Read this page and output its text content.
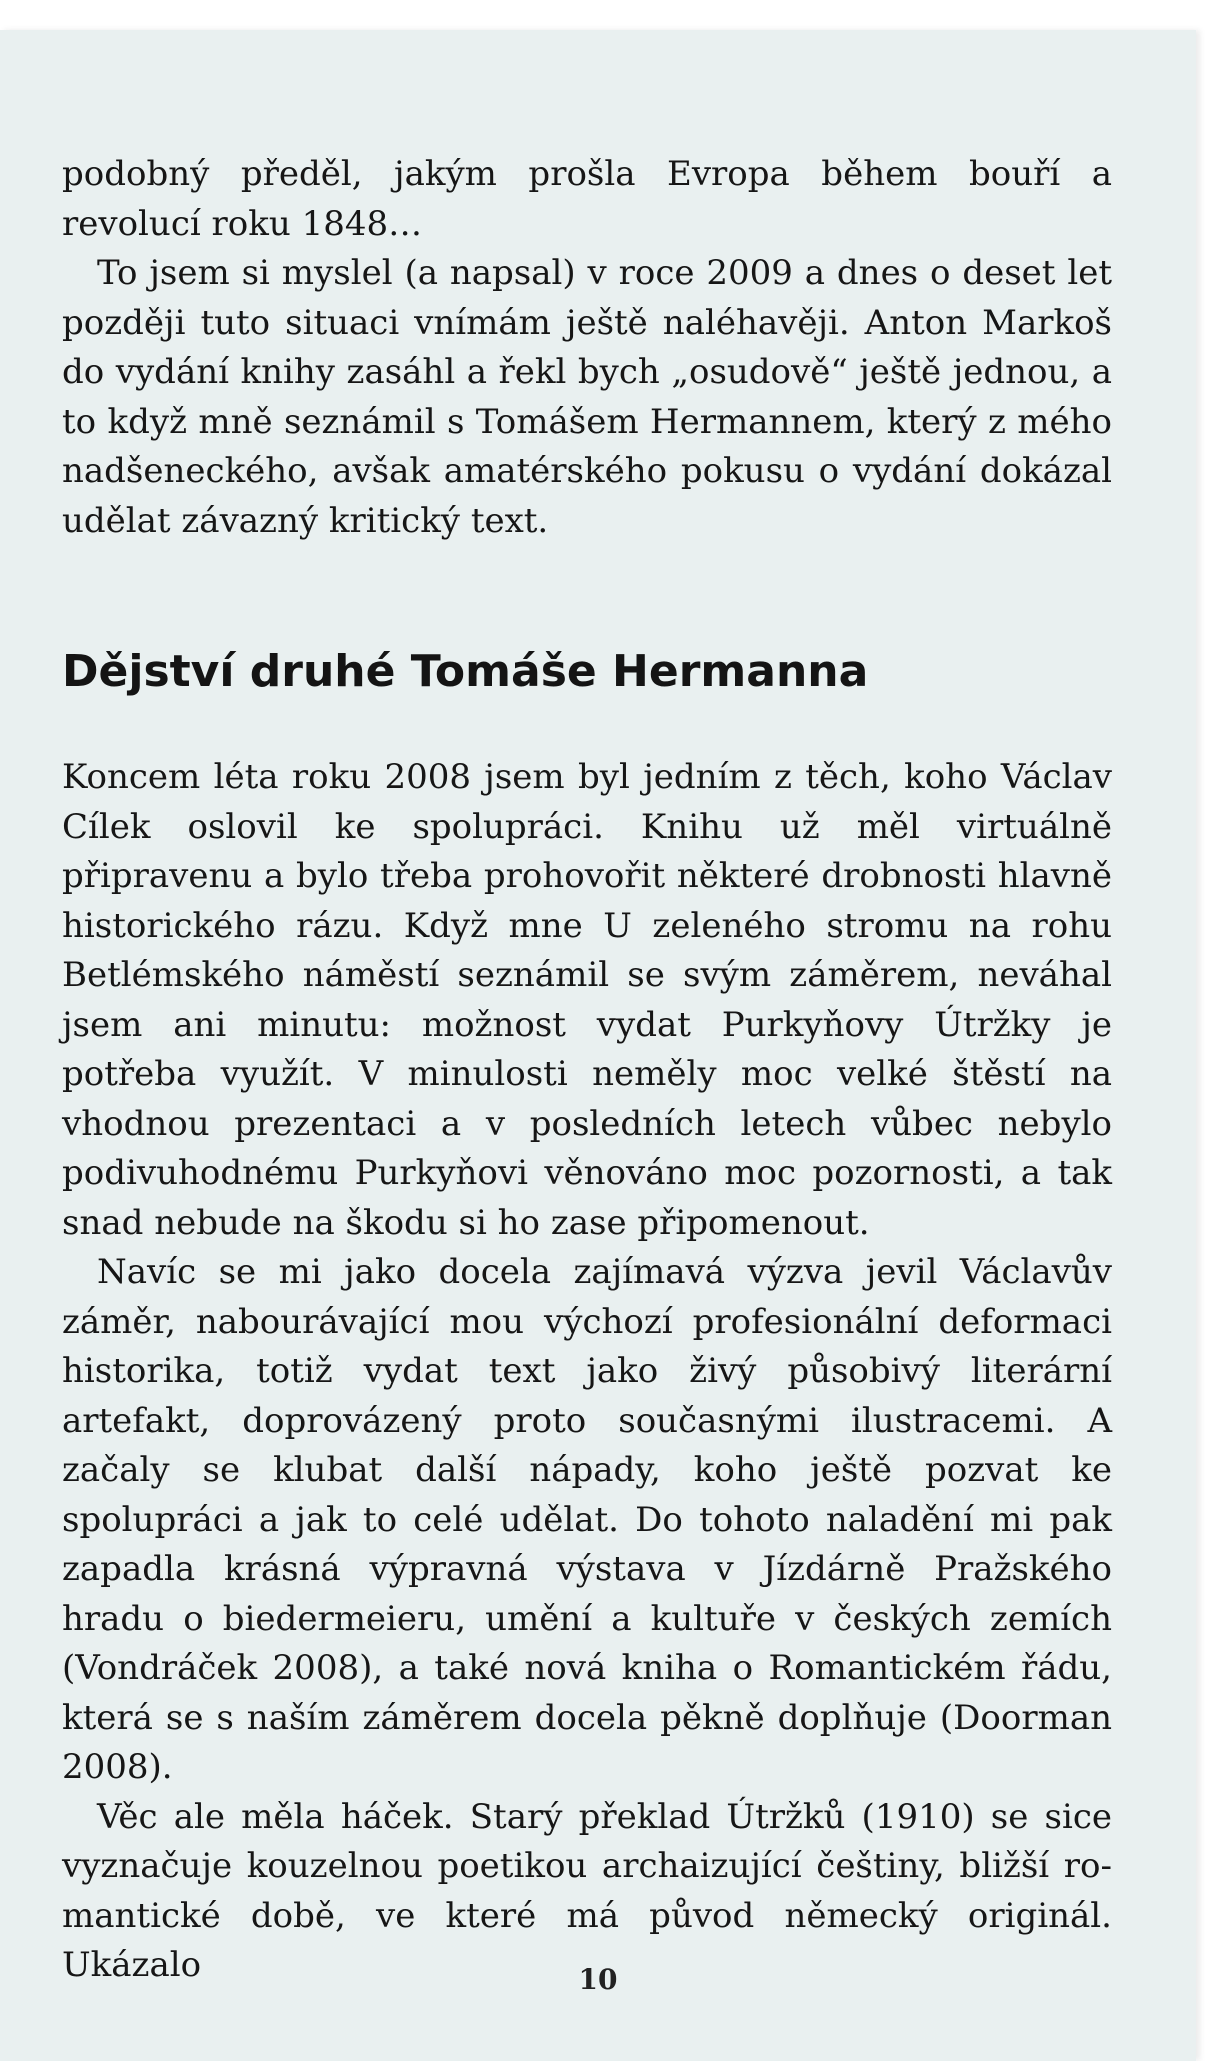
podobný předěl, jakým prošla Evropa během bouří a revolucí roku 1848…

To jsem si myslel (a napsal) v roce 2009 a dnes o deset let později tuto situaci vnímám ještě naléhavěji. Anton Markoš do vydání knihy zasáhl a řekl bych „osudově“ ještě jednou, a to když mně seznámil s Tomášem Hermannem, který z mého nadšeneckého, avšak amatérského pokusu o vydání dokázal udělat závazný kritický text.

Dějství druhé Tomáše Hermanna

Koncem léta roku 2008 jsem byl jedním z těch, koho Václav Cílek oslovil ke spolupráci. Knihu už měl virtuálně připravenu a bylo třeba prohovořit některé drobnosti hlavně historického rázu. Když mne U zeleného stromu na rohu Betlémského náměstí seznámil se svým záměrem, neváhal jsem ani minutu: možnost vydat Purkyňovy Útržky je potřeba využít. V minulosti neměly moc velké štěstí na vhodnou prezentaci a v posledních letech vůbec nebylo podivuhodnému Purkyňovi věnováno moc pozornosti, a tak snad nebude na škodu si ho zase připomenout.

Navíc se mi jako docela zajímavá výzva jevil Václavův záměr, nabourávající mou výchozí profesionální deformaci historika, totiž vydat text jako živý působivý literární artefakt, doprovázený proto současnými ilustracemi. A začaly se klubat další nápady, koho ještě pozvat ke spolupráci a jak to celé udělat. Do tohoto naladění mi pak zapadla krásná výpravná výstava v Jízdárně Pražského hradu o biedermeieru, umění a kultuře v českých zemích (Vondráček 2008), a také nová kniha o Romantickém řádu, která se s naším záměrem docela pěkně doplňuje (Doorman 2008).

Věc ale měla háček. Starý překlad Útržků (1910) se sice vyznačuje kouzelnou poetikou archaizující češtiny, bližší romantické době, ve které má původ německý originál. Ukázalo	10
